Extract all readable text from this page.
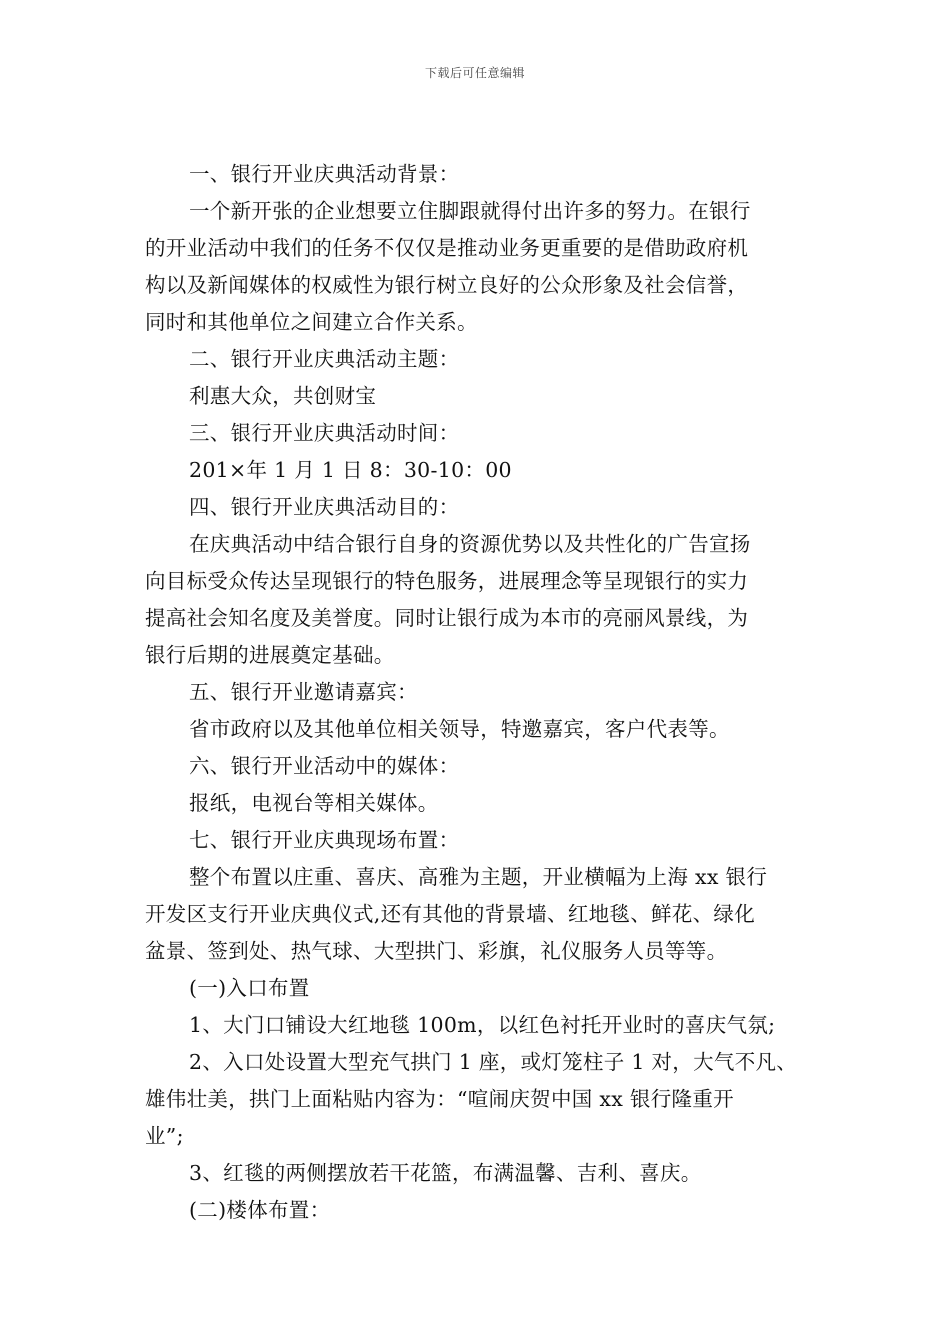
下载后可任意编辑
一、银行开业庆典活动背景：
一个新开张的企业想要立住脚跟就得付出许多的努力。在银行
的开业活动中我们的任务不仅仅是推动业务更重要的是借助政府机
构以及新闻媒体的权威性为银行树立良好的公众形象及社会信誉，
同时和其他单位之间建立合作关系。
二、银行开业庆典活动主题：
利惠大众，共创财宝
三、银行开业庆典活动时间：
201×年 1 月 1 日 8：30-10：00
四、银行开业庆典活动目的：
在庆典活动中结合银行自身的资源优势以及共性化的广告宣扬
向目标受众传达呈现银行的特色服务，进展理念等呈现银行的实力
提高社会知名度及美誉度。同时让银行成为本市的亮丽风景线，为
银行后期的进展奠定基础。
五、银行开业邀请嘉宾：
省市政府以及其他单位相关领导，特邀嘉宾，客户代表等。
六、银行开业活动中的媒体：
报纸，电视台等相关媒体。
七、银行开业庆典现场布置：
整个布置以庄重、喜庆、高雅为主题，开业横幅为上海 xx 银行
开发区支行开业庆典仪式,还有其他的背景墙、红地毯、鲜花、绿化
盆景、签到处、热气球、大型拱门、彩旗，礼仪服务人员等等。
(一)入口布置
1、大门口铺设大红地毯 100m，以红色衬托开业时的喜庆气氛;
2、入口处设置大型充气拱门 1 座，或灯笼柱子 1 对，大气不凡、
雄伟壮美，拱门上面粘贴内容为：“喧闹庆贺中国 xx 银行隆重开
业”;
3、红毯的两侧摆放若干花篮，布满温馨、吉利、喜庆。
(二)楼体布置：
